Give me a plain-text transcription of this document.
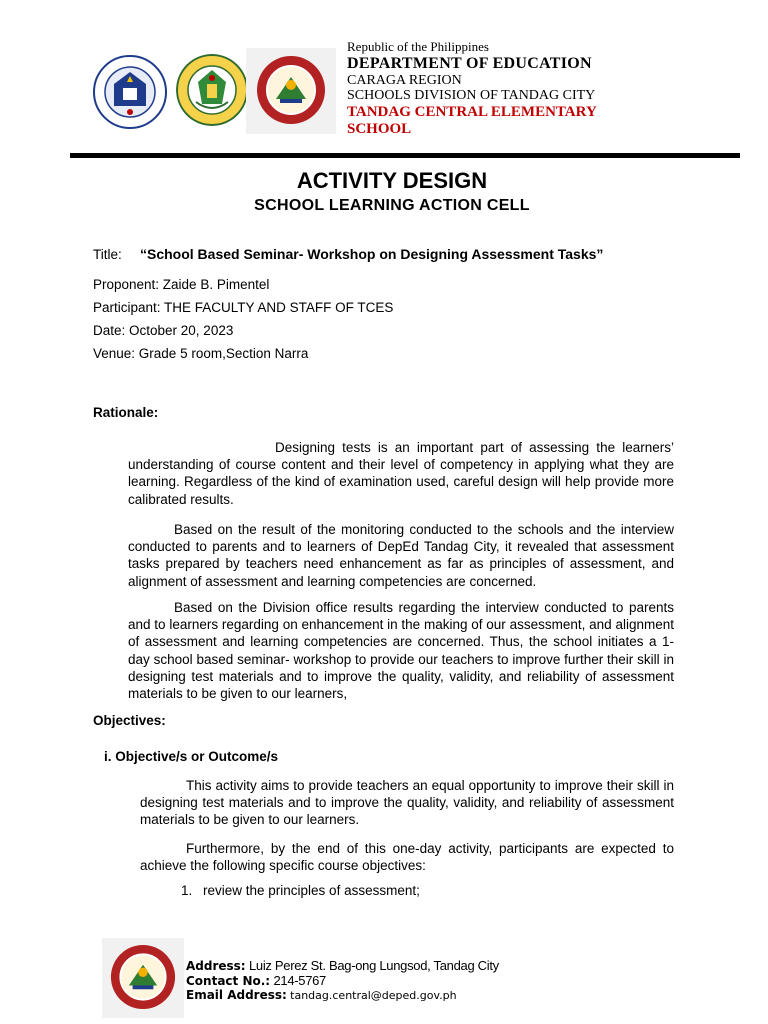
Republic of the Philippines
DEPARTMENT OF EDUCATION
CARAGA REGION
SCHOOLS DIVISION OF TANDAG CITY
TANDAG CENTRAL ELEMENTARY
SCHOOL
ACTIVITY DESIGN
SCHOOL LEARNING ACTION CELL
Title: “School Based Seminar- Workshop on Designing Assessment Tasks”
Proponent: Zaide B. Pimentel
Participant: THE FACULTY AND STAFF OF TCES
Date: October 20, 2023
Venue: Grade 5 room,Section Narra
Rationale:
Designing tests is an important part of assessing the learners’ understanding of course content and their level of competency in applying what they are learning. Regardless of the kind of examination used, careful design will help provide more calibrated results.
Based on the result of the monitoring conducted to the schools and the interview conducted to parents and to learners of DepEd Tandag City, it revealed that assessment tasks prepared by teachers need enhancement as far as principles of assessment, and alignment of assessment and learning competencies are concerned.
Based on the Division office results regarding the interview conducted to parents and to learners regarding on enhancement in the making of our assessment, and alignment of assessment and learning competencies are concerned. Thus, the school initiates a 1-day school based seminar- workshop to provide our teachers to improve further their skill in designing test materials and to improve the quality, validity, and reliability of assessment materials to be given to our learners,
Objectives:
i. Objective/s or Outcome/s
This activity aims to provide teachers an equal opportunity to improve their skill in designing test materials and to improve the quality, validity, and reliability of assessment materials to be given to our learners.
Furthermore, by the end of this one-day activity, participants are expected to achieve the following specific course objectives:
1. review the principles of assessment;
Address: Luiz Perez St. Bag-ong Lungsod, Tandag City
Contact No.: 214-5767
Email Address: tandag.central@deped.gov.ph
